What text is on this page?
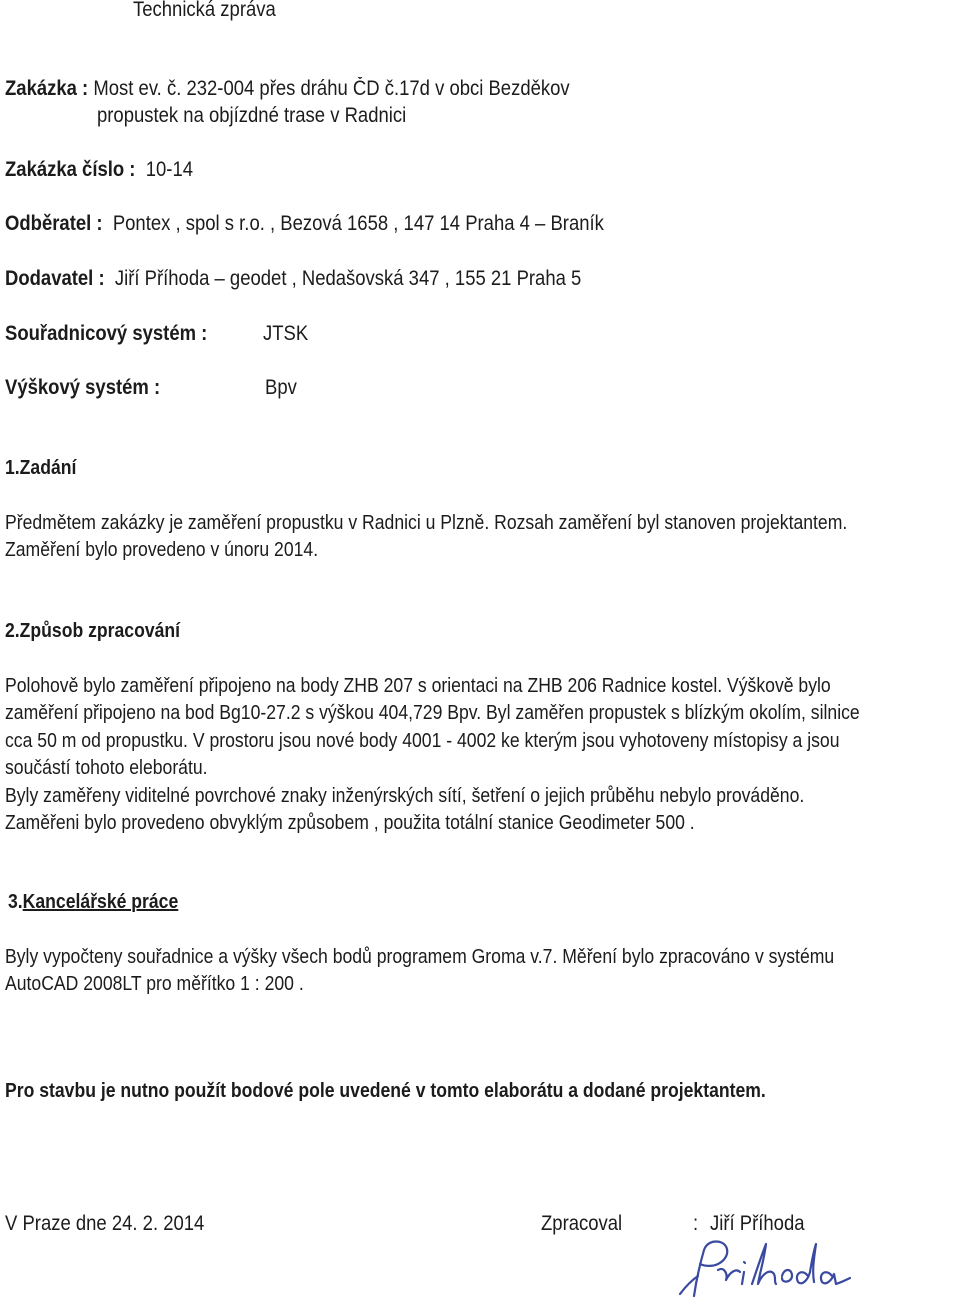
Technická zpráva
Zakázka : Most ev. č. 232-004 přes dráhu ČD č.17d v obci Bezděkov
propustek na objízdné trase v Radnici
Zakázka číslo : 10-14
Odběratel : Pontex , spol s r.o. , Bezová 1658 , 147 14 Praha 4 – Braník
Dodavatel : Jiří Příhoda – geodet , Nedašovská 347 , 155 21 Praha 5
Souřadnicový systém :	JTSK
Výškový systém :	Bpv
1.Zadání

Předmětem zakázky je zaměření propustku v Radnici u Plzně. Rozsah zaměření byl stanoven projektantem.

Zaměření bylo provedeno v únoru 2014.

2.Způsob zpracování

Polohově bylo zaměření připojeno na body ZHB 207 s orientaci na ZHB 206 Radnice kostel. Výškově bylo

zaměření připojeno na bod Bg10-27.2 s výškou 404,729 Bpv. Byl zaměřen propustek s blízkým okolím, silnice

cca 50 m od propustku. V prostoru jsou nové body 4001 - 4002 ke kterým jsou vyhotoveny místopisy a jsou

součástí tohoto eleborátu.

Byly zaměřeny viditelné povrchové znaky inženýrských sítí, šetření o jejich průběhu nebylo prováděno.

Zaměřeni bylo provedeno obvyklým způsobem , použita totální stanice Geodimeter 500 .

3.Kancelářské práce

Byly vypočteny souřadnice a výšky všech bodů programem Groma v.7. Měření bylo zpracováno v systému

AutoCAD 2008LT pro měřítko 1 : 200 .

Pro stavbu je nutno použít bodové pole uvedené v tomto elaborátu a dodané projektantem.
V Praze dne 24. 2. 2014	Zpracoval	: Jiří Příhoda
